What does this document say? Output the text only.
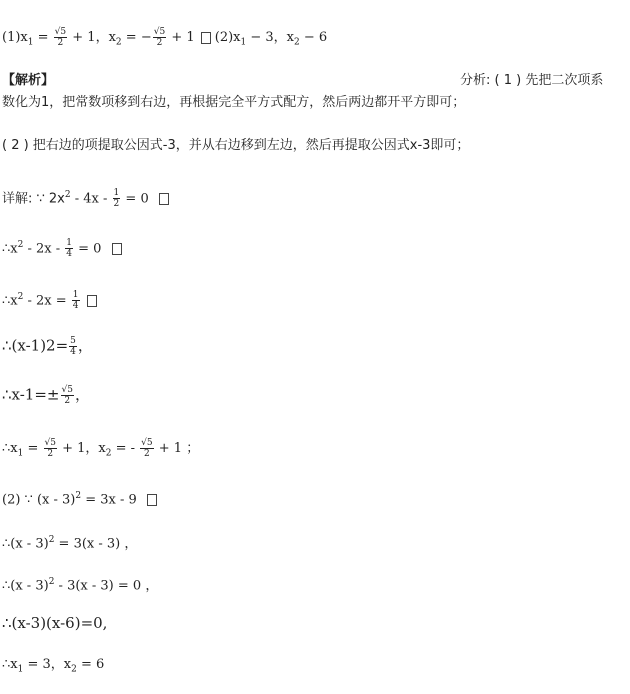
$(1)x_1 = \frac{√5}{2} + 1$，$x_2$ = − $\frac{√5}{2} + 1$ $(2)x_1 - 3$，$x_2 - 6$
【解析】	分析: ( 1 ) 先把二次项系
数化为1，把常数项移到右边，再根据完全平方式配方，然后两边都开平方即可；
( 2 ) 把右边的项提取公因式-3，并从右边移到左边，然后再提取公因式x-3即可；
详解: ∵ $2x^2 - 4x - \frac{1}{2} = 0$
$\therefore x^2 - 2x - \frac{1}{4} = 0$
$\therefore x^2 - 2x = \frac{1}{4}$
∴(x-1)2= $\frac{5}{4}$ ，
∴x-1=± $\frac{√5}{2}$ ，
$\therefore x_1 = \frac{√5}{2} + 1$，$x_2$ = - $\frac{√5}{2} + 1$ ；
(2) ∵ (x - 3)$^2$ = 3x - 9
∴(x - 3)$^2$ = 3(x - 3) ，
∴(x - 3)$^2$ - 3(x - 3) = 0 ，
∴(x-3)(x-6)=0,
$\therefore x_1 = 3$，$x_2 = 6$
